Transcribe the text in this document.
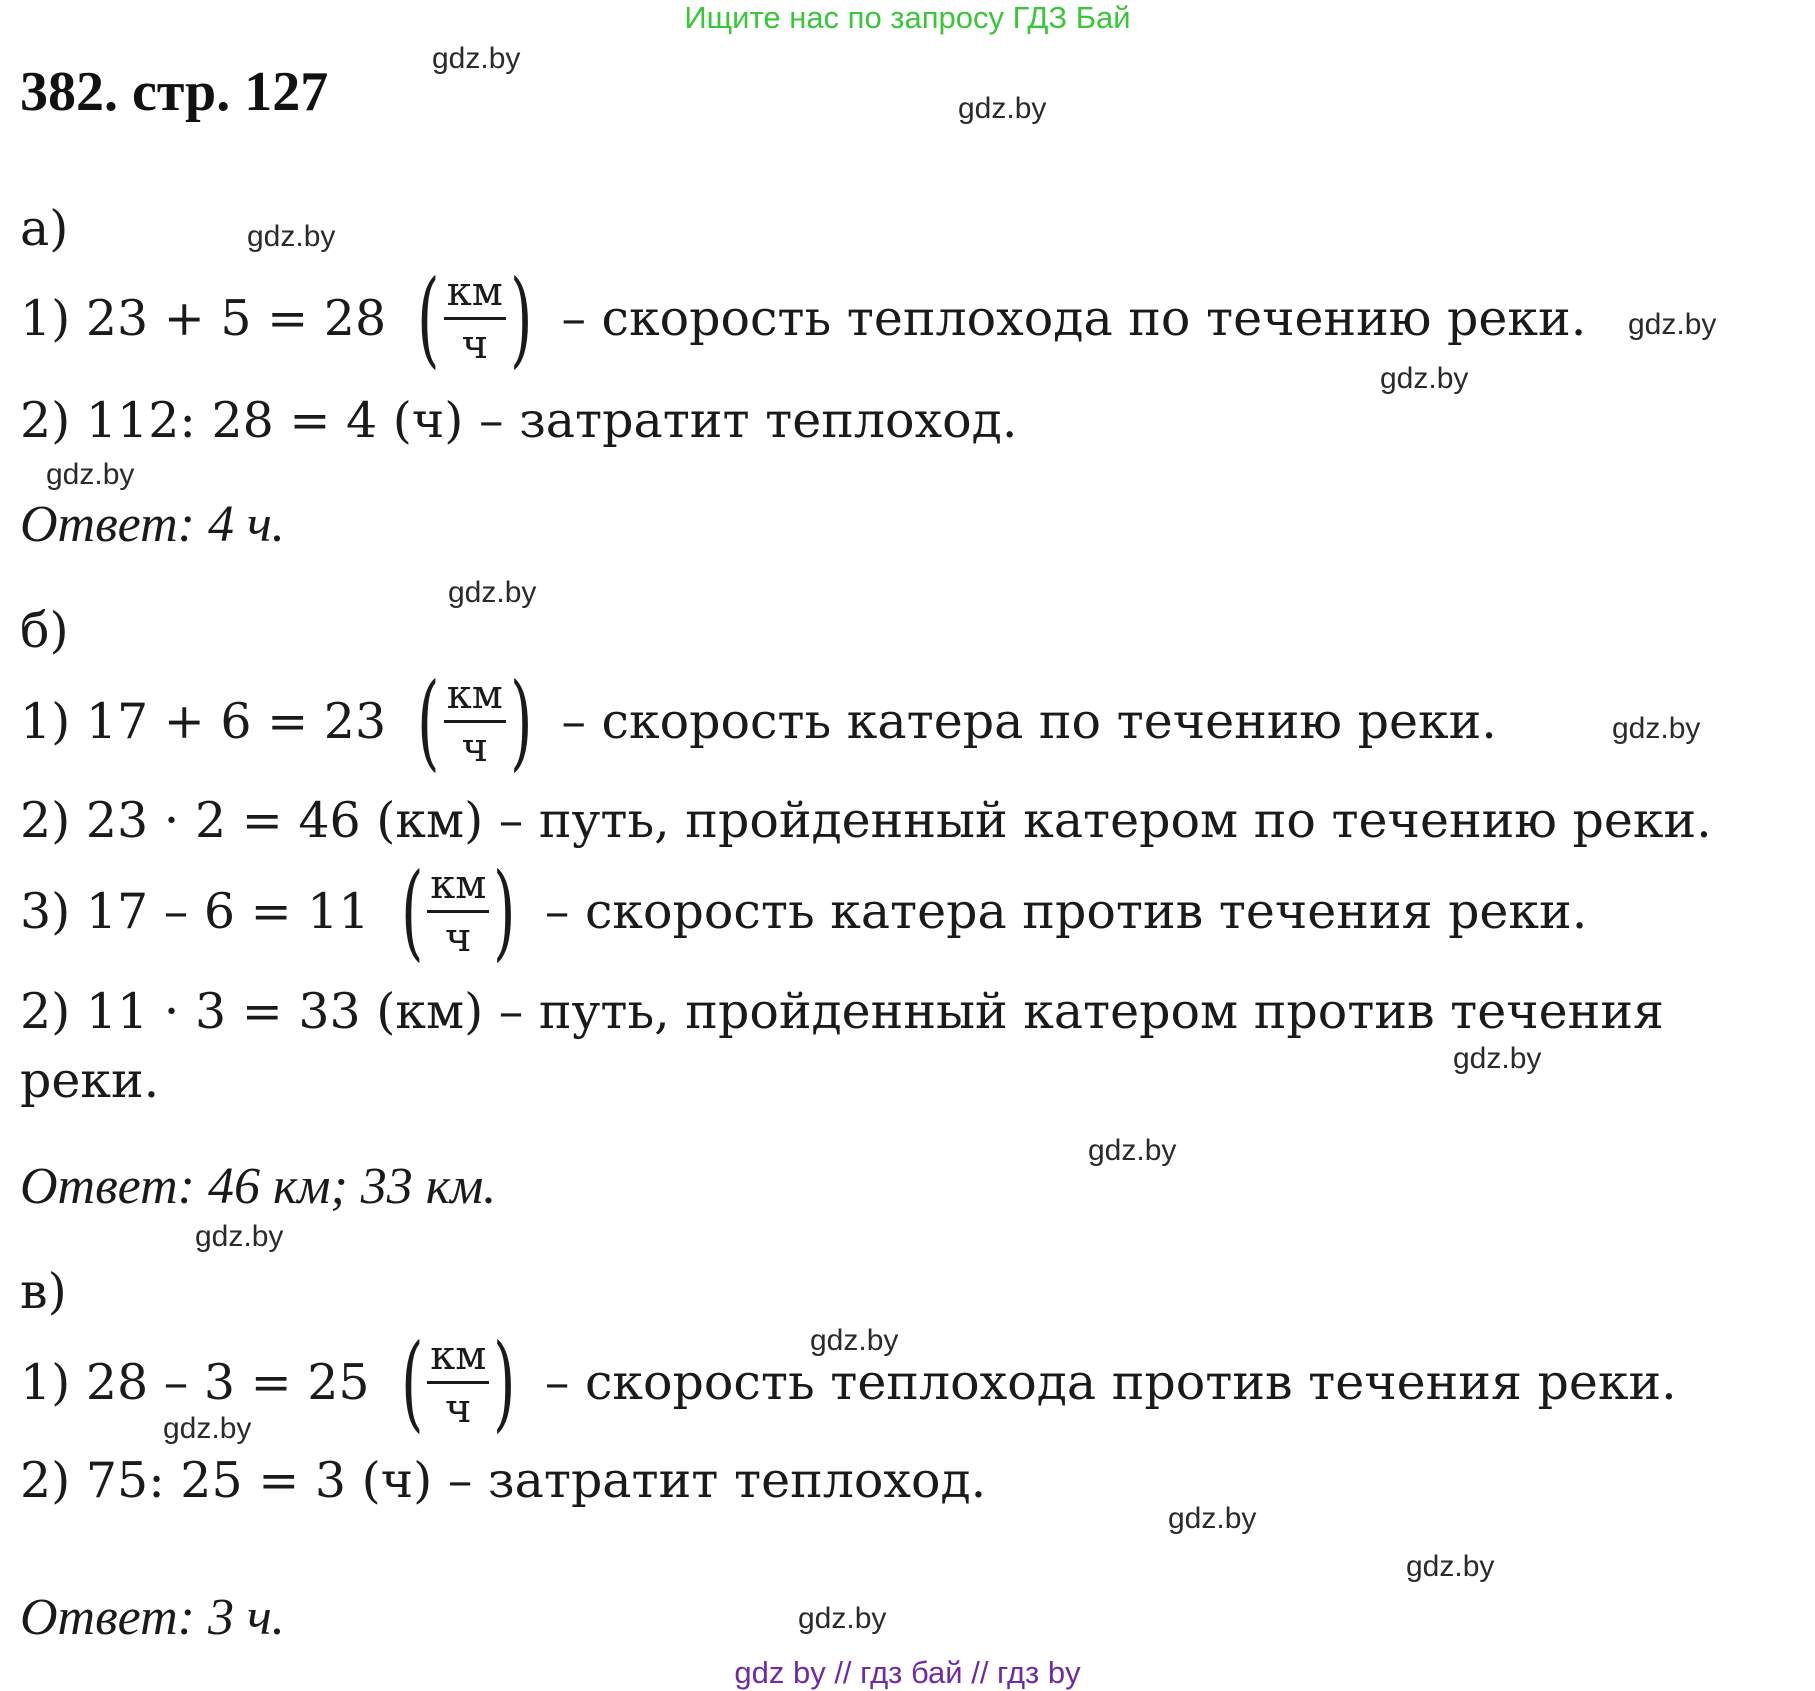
Ищите нас по запросу ГДЗ Бай
382. стр. 127
а)
1) 23 + 5 = 28 ( км
ч ) – скорость теплохода по течению реки.
2) 112: 28 = 4 (ч) – затратит теплоход.
Ответ: 4 ч.
б)
1) 17 + 6 = 23 ( км
ч ) – скорость катера по течению реки.
2) 23 · 2 = 46 (км) – путь, пройденный катером по течению реки.
3) 17 – 6 = 11 ( км
ч ) – скорость катера против течения реки.
2) 11 · 3 = 33 (км) – путь, пройденный катером против течения
реки.
Ответ: 46 км; 33 км.
в)
1) 28 – 3 = 25 ( км
ч ) – скорость теплохода против течения реки.
2) 75: 25 = 3 (ч) – затратит теплоход.
Ответ: 3 ч.
gdz.by
gdz.by
gdz.by
gdz.by
gdz.by
gdz.by
gdz.by
gdz.by
gdz.by
gdz.by
gdz.by
gdz.by
gdz.by
gdz.by
gdz.by
gdz.by
gdz by // гдз бай // гдз by
